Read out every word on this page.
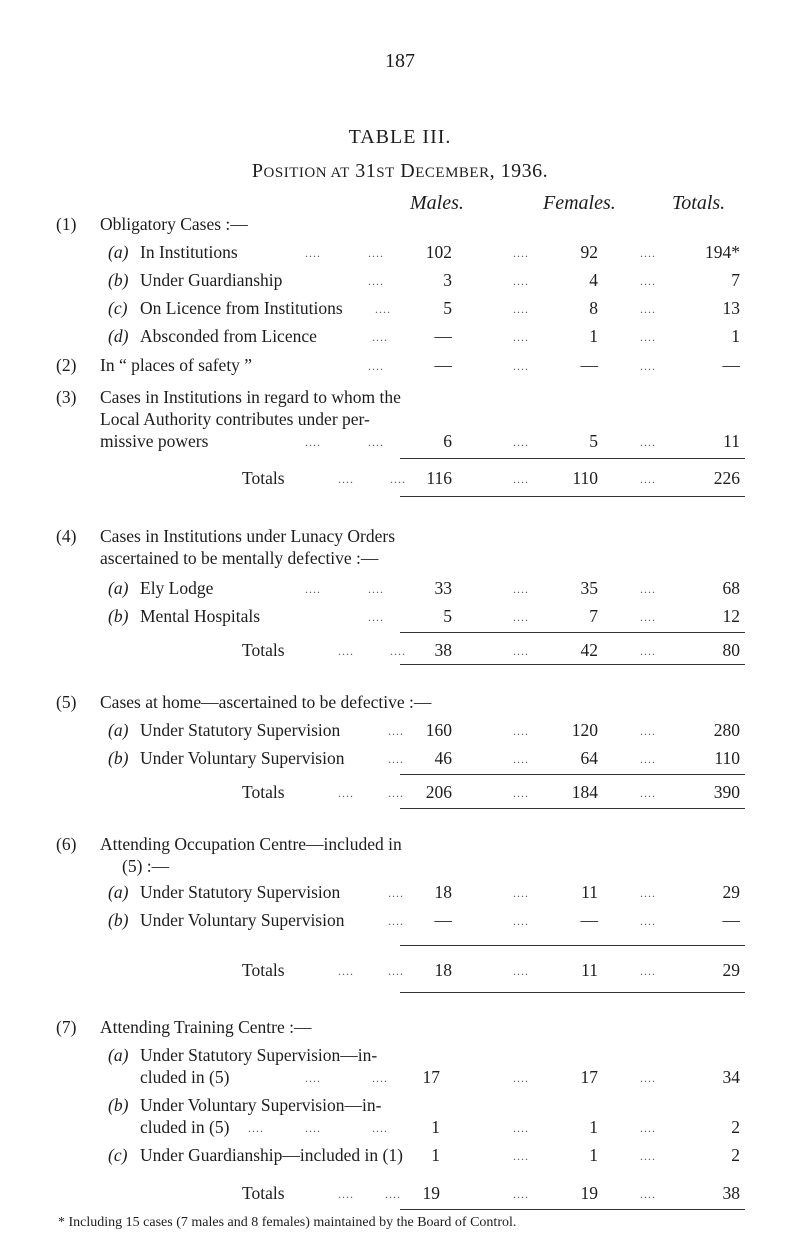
187
TABLE III.
POSITION AT 31ST DECEMBER, 1936.
Males.	Females.	Totals.
(1) Obligatory Cases :—
(a) In Institutions	....	....	102	....	92	....	194*
(b) Under Guardianship	....	3	....	4	....	7
(c) On Licence from Institutions	....	5	....	8	....	13
(d) Absconded from Licence	....	—	....	1	....	1
(2) In “ places of safety ”	....	—	....	—	....	—
(3) Cases in Institutions in regard to whom the
Local Authority contributes under per-
missive powers	....	....	6	....	5	....	11
Totals	....	....	116	....	110	....	226
(4) Cases in Institutions under Lunacy Orders
ascertained to be mentally defective :—
(a) Ely Lodge	....	....	33	....	35	....	68
(b) Mental Hospitals	....	5	....	7	....	12
Totals	....	....	38	....	42	....	80
(5) Cases at home—ascertained to be defective :—
(a) Under Statutory Supervision	....	160	....	120	....	280
(b) Under Voluntary Supervision	....	46	....	64	....	110
Totals	....	....	206	....	184	....	390
(6) Attending Occupation Centre—included in
(5) :—
(a) Under Statutory Supervision	....	18	....	11	....	29
(b) Under Voluntary Supervision	....	—	....	—	....	—
Totals	....	....	18	....	11	....	29
(7) Attending Training Centre :—
(a) Under Statutory Supervision—in-
cluded in (5)	....	....	17	....	17	....	34
(b) Under Voluntary Supervision—in-
cluded in (5) ....	....	....	1	....	1	....	2
(c) Under Guardianship—included in (1)	1	....	1	....	2
Totals	....	....	19	....	19	....	38
* Including 15 cases (7 males and 8 females) maintained by the Board of Control.
